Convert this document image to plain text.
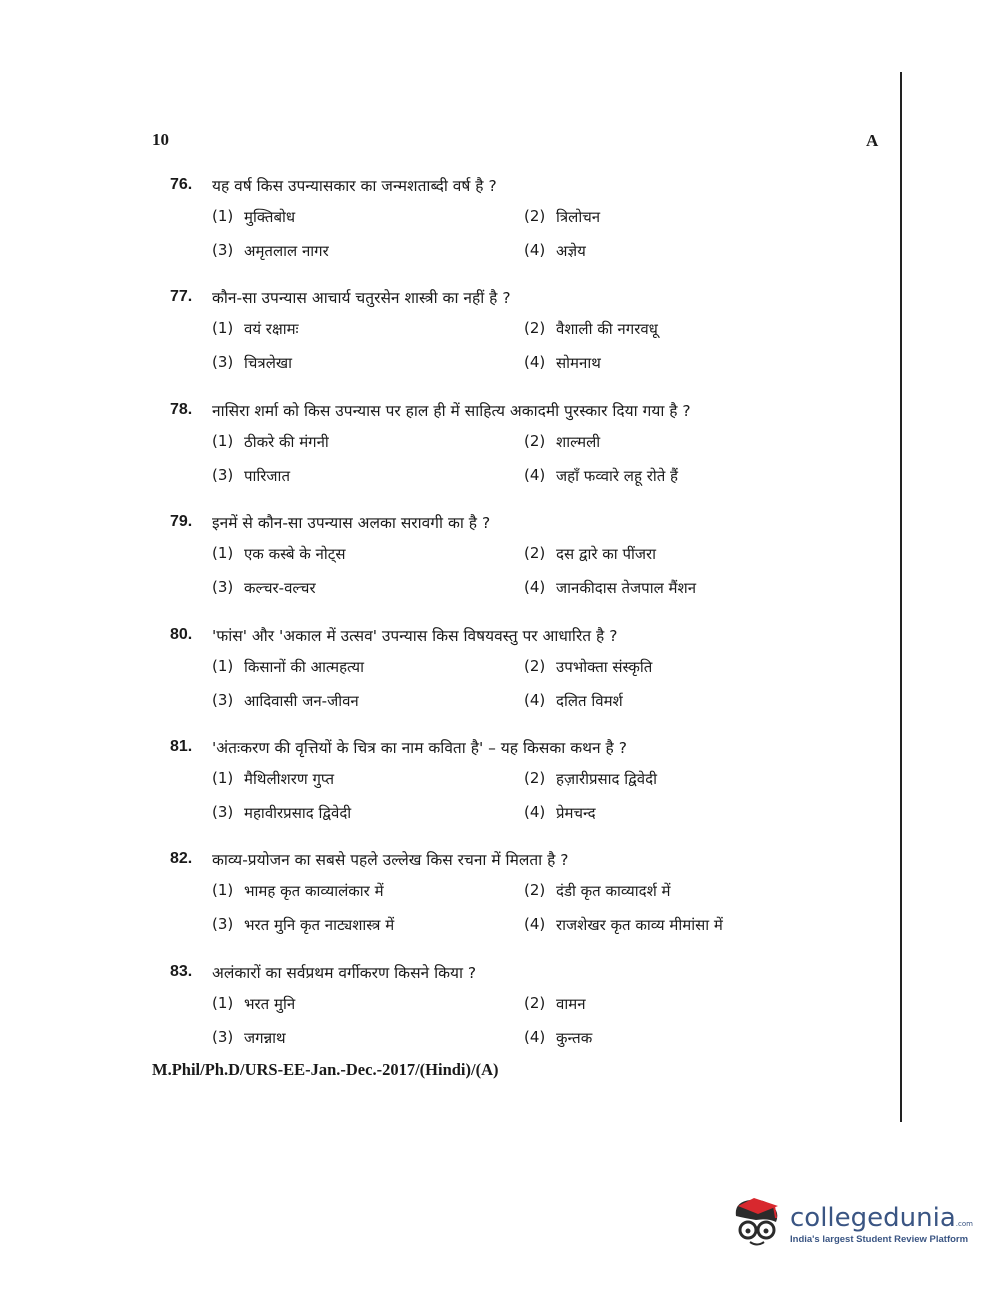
10	A
76.	यह वर्ष किस उपन्यासकार का जन्मशताब्दी वर्ष है ?
(1) मुक्तिबोध	(2) त्रिलोचन
(3) अमृतलाल नागर	(4) अज्ञेय
77.	कौन-सा उपन्यास आचार्य चतुरसेन शास्त्री का नहीं है ?
(1) वयं रक्षामः	(2) वैशाली की नगरवधू
(3) चित्रलेखा	(4) सोमनाथ
78.	नासिरा शर्मा को किस उपन्यास पर हाल ही में साहित्य अकादमी पुरस्कार दिया गया है ?
(1) ठीकरे की मंगनी	(2) शाल्मली
(3) पारिजात	(4) जहाँ फव्वारे लहू रोते हैं
79.	इनमें से कौन-सा उपन्यास अलका सरावगी का है ?
(1) एक कस्बे के नोट्स	(2) दस द्वारे का पींजरा
(3) कल्चर-वल्चर	(4) जानकीदास तेजपाल मैंशन
80.	'फांस' और 'अकाल में उत्सव' उपन्यास किस विषयवस्तु पर आधारित है ?
(1) किसानों की आत्महत्या	(2) उपभोक्ता संस्कृति
(3) आदिवासी जन-जीवन	(4) दलित विमर्श
81.	'अंतःकरण की वृत्तियों के चित्र का नाम कविता है' – यह किसका कथन है ?
(1) मैथिलीशरण गुप्त	(2) हज़ारीप्रसाद द्विवेदी
(3) महावीरप्रसाद द्विवेदी	(4) प्रेमचन्द
82.	काव्य-प्रयोजन का सबसे पहले उल्लेख किस रचना में मिलता है ?
(1) भामह कृत काव्यालंकार में	(2) दंडी कृत काव्यादर्श में
(3) भरत मुनि कृत नाट्यशास्त्र में	(4) राजशेखर कृत काव्य मीमांसा में
83.	अलंकारों का सर्वप्रथम वर्गीकरण किसने किया ?
(1) भरत मुनि	(2) वामन
(3) जगन्नाथ	(4) कुन्तक
M.Phil/Ph.D/URS-EE-Jan.-Dec.-2017/(Hindi)/(A)
collegedunia.com
India's largest Student Review Platform
